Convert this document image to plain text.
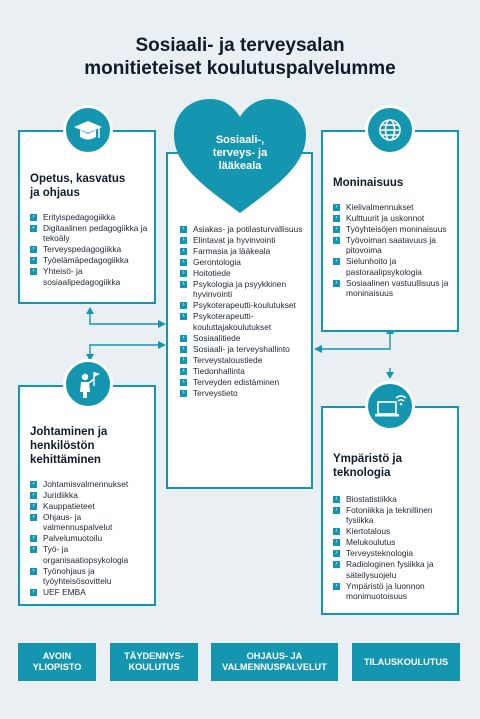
Sosiaali- ja terveysalan
monitieteiset koulutuspalvelumme
Opetus, kasvatus
ja ohjaus
› Erityispedagogiikka
› Digitaalinen pedagogiikka ja tekoäly
› Terveyspedagogiikka
› Työelämäpedagogiikka
› Yhteisö- ja sosiaalipedagogiikka
Moninaisuus
› Kielivalmennukset
› Kulttuurit ja uskonnot
› Työyhteisöjen moninaisuus
› Työvoiman saatavuus ja pitovoima
› Sielunhoito ja pastoraalipsykologia
› Sosiaalinen vastuullisuus ja moninaisuus
› Asiakas- ja potilasturvallisuus
› Elintavat ja hyvinvointi
› Farmasia ja lääkeala
› Gerontologia
› Hoitotiede
› Psykologia ja psyykkinen hyvinvointi
› Psykoterapeutti-koulutukset
› Psykoterapeutti-kouluttajakoulutukset
› Sosiaalitiede
› Sosiaali- ja terveyshallinto
› Terveystaloustiede
› Tiedonhallinta
› Terveyden edistäminen
› Terveystieto
Sosiaali-,
terveys- ja
lääkeala
Johtaminen ja
henkilöstön
kehittäminen
› Johtamisvalmennukset
› Juridiikka
› Kauppatieteet
› Ohjaus- ja valmennuspalvelut
› Palvelumuotoilu
› Työ- ja organisaatiopsykologia
› Työnohjaus ja työyhteisösovittelu
› UEF EMBA
Ympäristö ja
teknologia
› Biostatistiikka
› Fotoniikka ja teknillinen fysiikka
› Kiertotalous
› Melukoulutus
› Terveysteknologia
› Radiologinen fysiikka ja säteilysuojelu
› Ympäristö ja luonnon monimuotoisuus
AVOIN
YLIOPISTO
TÄYDENNYS-
KOULUTUS
OHJAUS- JA
VALMENNUSPALVELUT
TILAUSKOULUTUS
